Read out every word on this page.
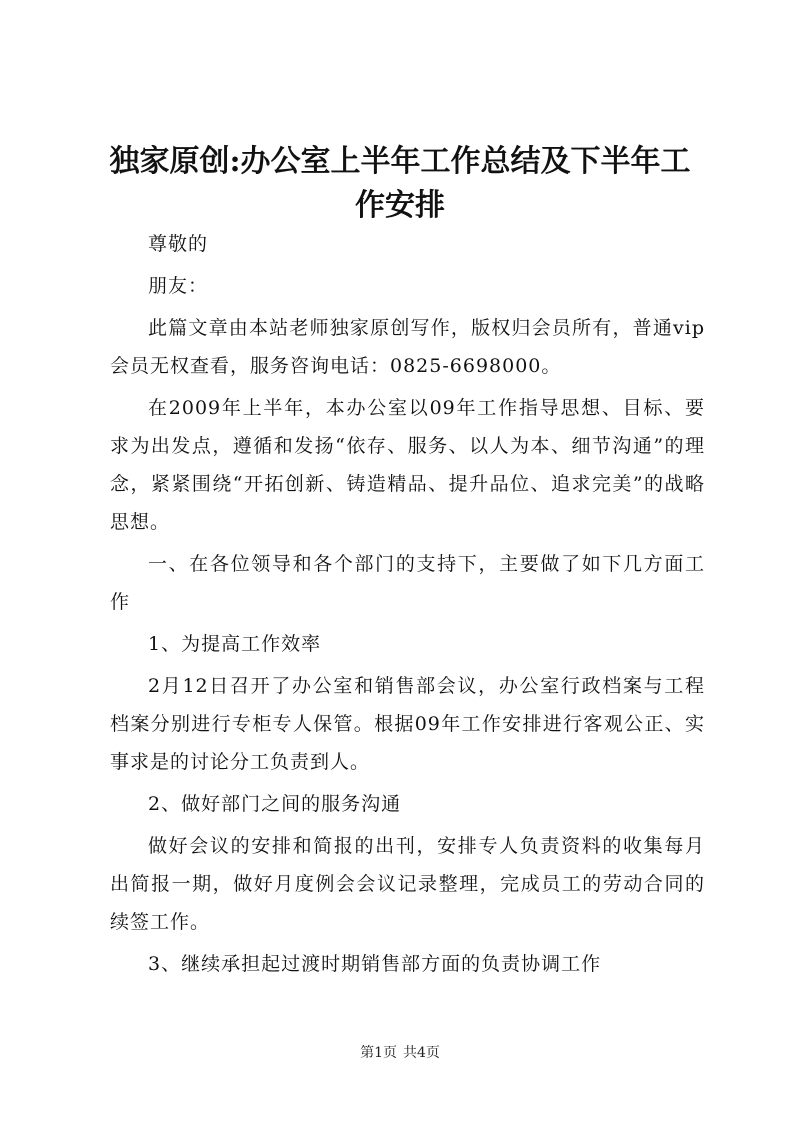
独家原创:办公室上半年工作总结及下半年工作安排

尊敬的

朋友：

此篇文章由本站老师独家原创写作，版权归会员所有，普通vip会员无权查看，服务咨询电话：0825-6698000。

在2009年上半年，本办公室以09年工作指导思想、目标、要求为出发点，遵循和发扬“依存、服务、以人为本、细节沟通”的理念，紧紧围绕“开拓创新、铸造精品、提升品位、追求完美”的战略思想。

一、在各位领导和各个部门的支持下，主要做了如下几方面工作

1、为提高工作效率

2月12日召开了办公室和销售部会议，办公室行政档案与工程档案分别进行专柜专人保管。根据09年工作安排进行客观公正、实事求是的讨论分工负责到人。

2、做好部门之间的服务沟通

做好会议的安排和简报的出刊，安排专人负责资料的收集每月出简报一期，做好月度例会会议记录整理，完成员工的劳动合同的续签工作。

3、继续承担起过渡时期销售部方面的负责协调工作

第1页 共4页
